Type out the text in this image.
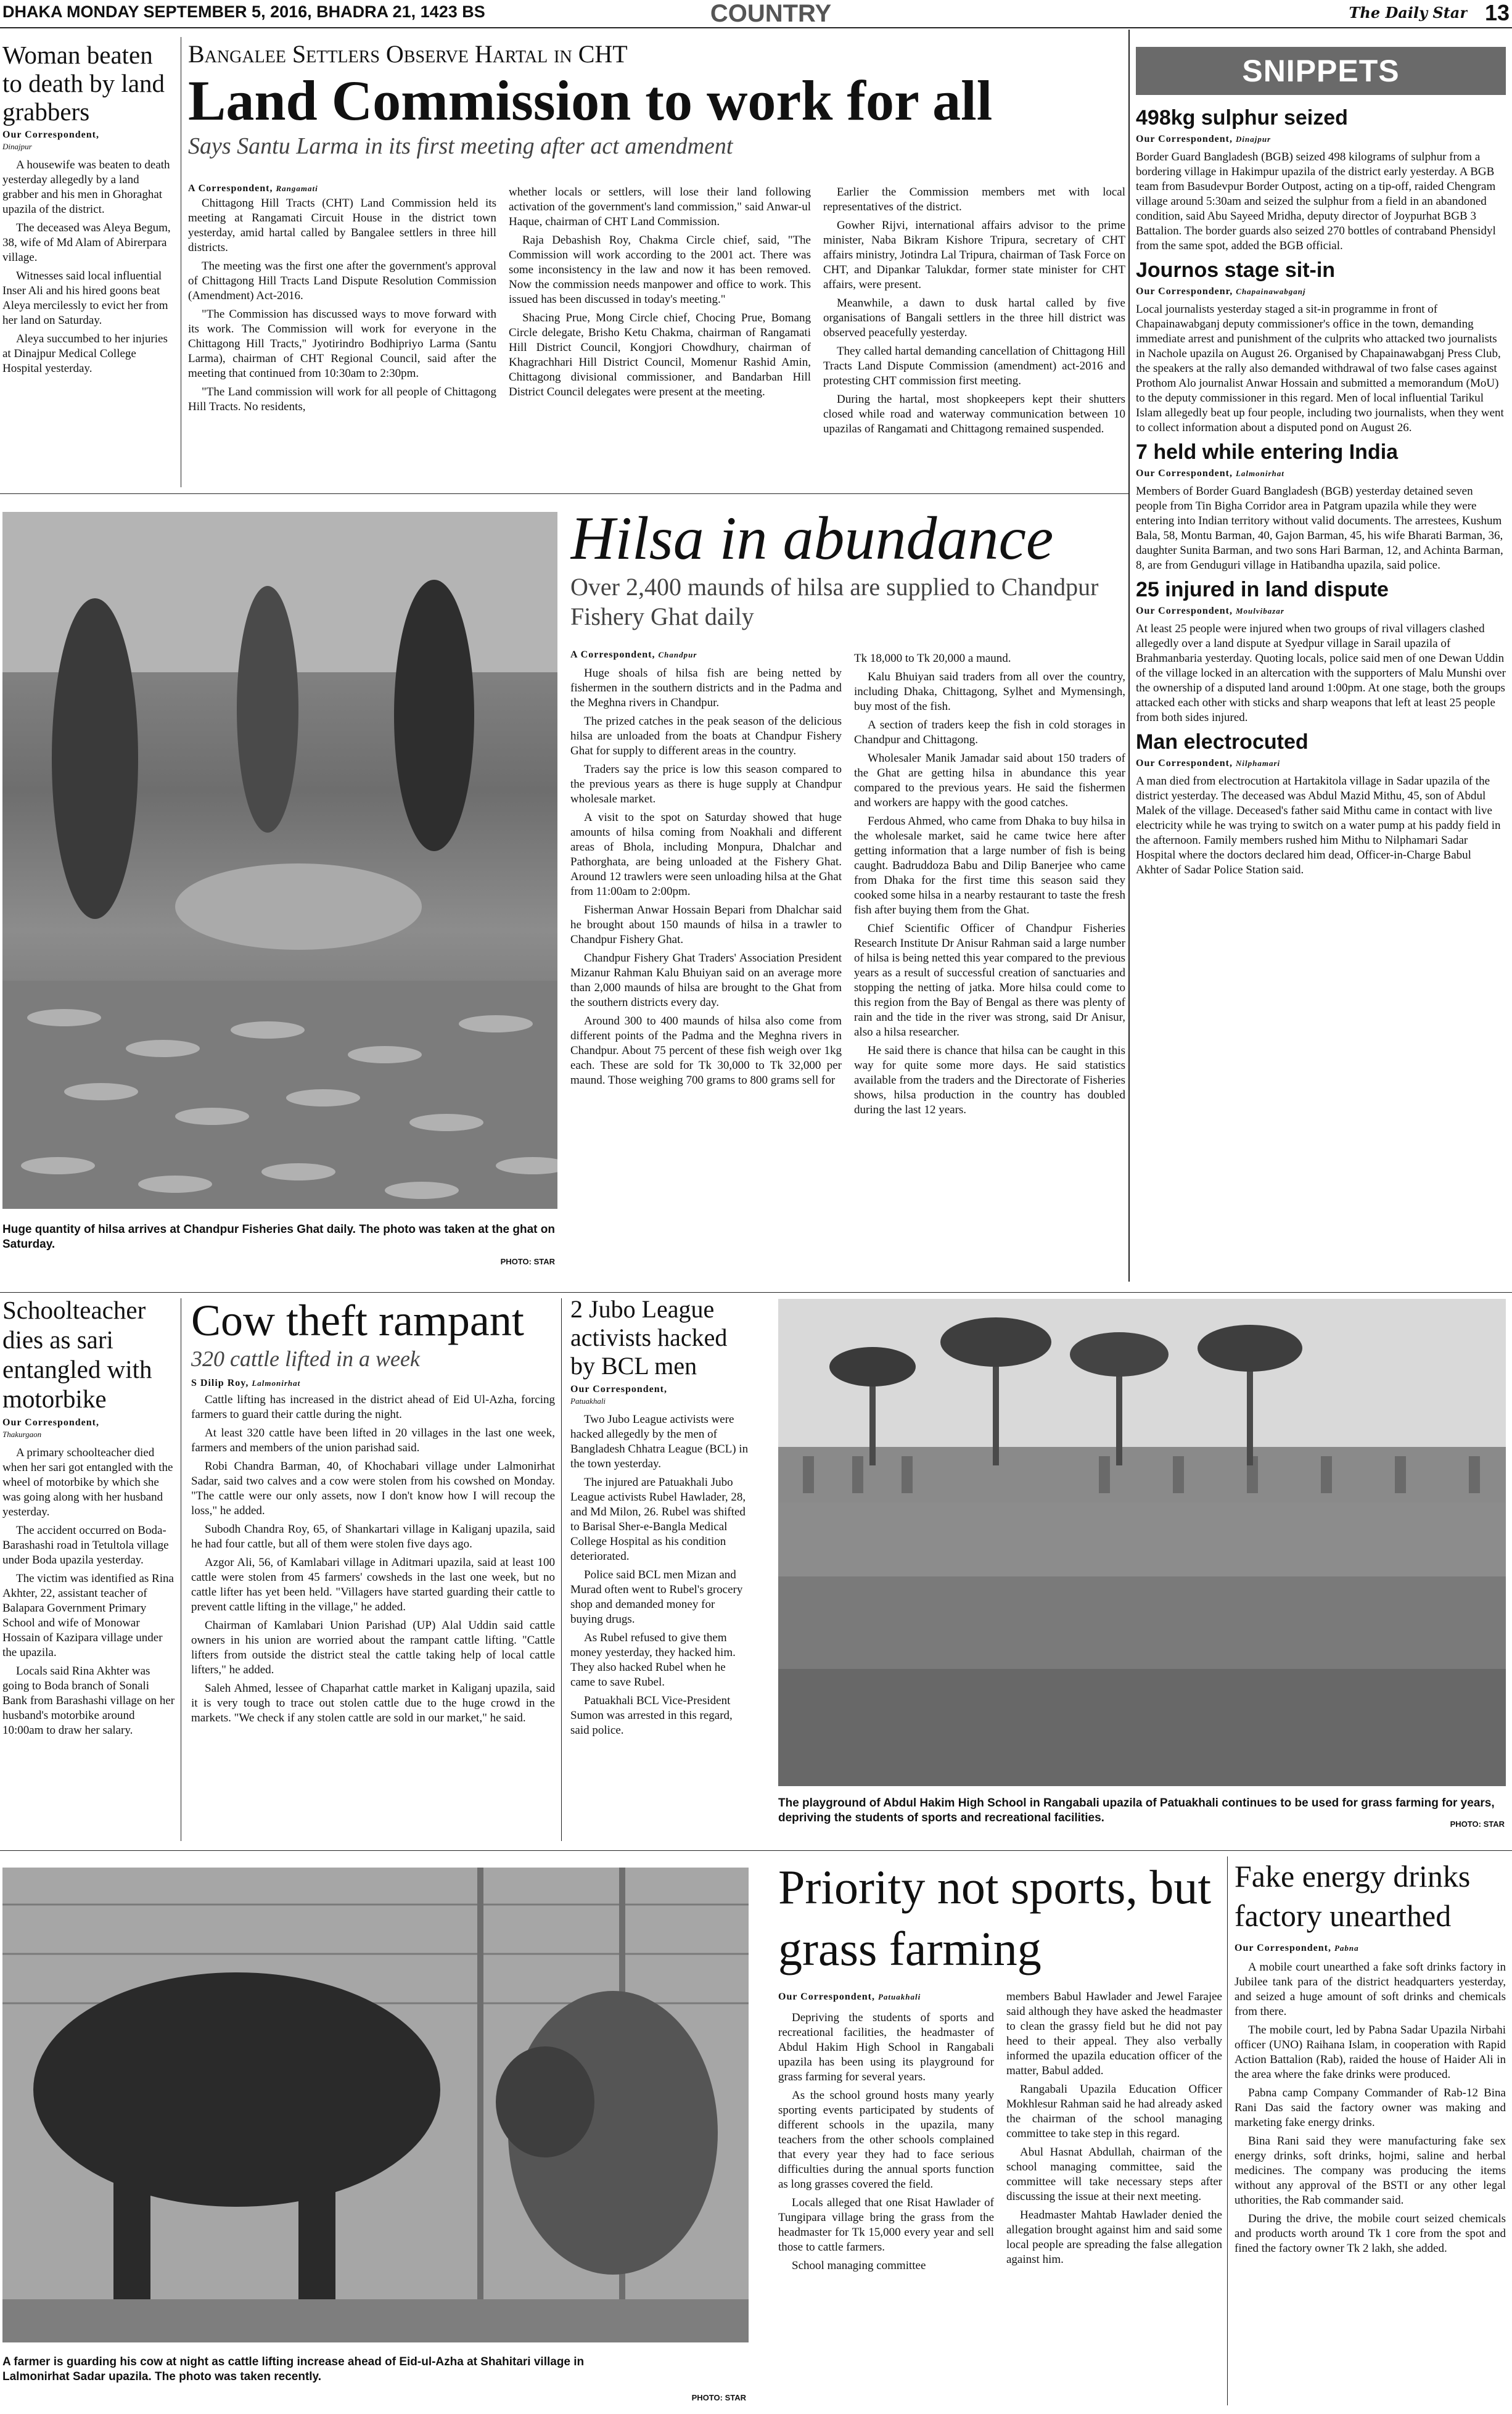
DHAKA MONDAY SEPTEMBER 5, 2016, BHADRA 21, 1423 BS	COUNTRY	The Daily Star 13
Woman beaten to death by land grabbers
Our Correspondent,
Dinajpur

A housewife was beaten to death yesterday allegedly by a land grabber and his men in Ghoraghat upazila of the district.

The deceased was Aleya Begum, 38, wife of Md Alam of Abirerpara village.

Witnesses said local influential Inser Ali and his hired goons beat Aleya mercilessly to evict her from her land on Saturday.

Aleya succumbed to her injuries at Dinajpur Medical College Hospital yesterday.

Bangalee Settlers Observe Hartal in CHT
Land Commission to work for all
Says Santu Larma in its first meeting after act amendment
A Correspondent, Rangamati

Chittagong Hill Tracts (CHT) Land Commission held its meeting at Rangamati Circuit House in the district town yesterday, amid hartal called by Bangalee settlers in three hill districts.

The meeting was the first one after the government's approval of Chittagong Hill Tracts Land Dispute Resolution Commission (Amendment) Act-2016.

"The Commission has discussed ways to move forward with its work. The Commission will work for everyone in the Chittagong Hill Tracts," Jyotirindro Bodhipriyo Larma (Santu Larma), chairman of CHT Regional Council, said after the meeting that continued from 10:30am to 2:30pm.

"The Land commission will work for all people of Chittagong Hill Tracts. No residents,

whether locals or settlers, will lose their land following activation of the government's land commission," said Anwar-ul Haque, chairman of CHT Land Commission.

Raja Debashish Roy, Chakma Circle chief, said, "The Commission will work according to the 2001 act. There was some inconsistency in the law and now it has been removed. Now the commission needs manpower and office to work. This issued has been discussed in today's meeting."

Shacing Prue, Mong Circle chief, Chocing Prue, Bomang Circle delegate, Brisho Ketu Chakma, chairman of Rangamati Hill District Council, Kongjori Chowdhury, chairman of Khagrachhari Hill District Council, Momenur Rashid Amin, Chittagong divisional commissioner, and Bandarban Hill District Council delegates were present at the meeting.

Earlier the Commission members met with local representatives of the district.

Gowher Rijvi, international affairs advisor to the prime minister, Naba Bikram Kishore Tripura, secretary of CHT affairs ministry, Jotindra Lal Tripura, chairman of Task Force on CHT, and Dipankar Talukdar, former state minister for CHT affairs, were present.

Meanwhile, a dawn to dusk hartal called by five organisations of Bangali settlers in the three hill district was observed peacefully yesterday.

They called hartal demanding cancellation of Chittagong Hill Tracts Land Dispute Commission (amendment) act-2016 and protesting CHT commission first meeting.

During the hartal, most shopkeepers kept their shutters closed while road and waterway communication between 10 upazilas of Rangamati and Chittagong remained suspended.

Huge quantity of hilsa arrives at Chandpur Fisheries Ghat daily. The photo was taken at the ghat on Saturday.
PHOTO: STAR
Hilsa in abundance
Over 2,400 maunds of hilsa are supplied to Chandpur Fishery Ghat daily
A Correspondent, Chandpur

Huge shoals of hilsa fish are being netted by fishermen in the southern districts and in the Padma and the Meghna rivers in Chandpur.

The prized catches in the peak season of the delicious hilsa are unloaded from the boats at Chandpur Fishery Ghat for supply to different areas in the country.

Traders say the price is low this season compared to the previous years as there is huge supply at Chandpur wholesale market.

A visit to the spot on Saturday showed that huge amounts of hilsa coming from Noakhali and different areas of Bhola, including Monpura, Dhalchar and Pathorghata, are being unloaded at the Fishery Ghat. Around 12 trawlers were seen unloading hilsa at the Ghat from 11:00am to 2:00pm.

Fisherman Anwar Hossain Bepari from Dhalchar said he brought about 150 maunds of hilsa in a trawler to Chandpur Fishery Ghat.

Chandpur Fishery Ghat Traders' Association President Mizanur Rahman Kalu Bhuiyan said on an average more than 2,000 maunds of hilsa are brought to the Ghat from the southern districts every day.

Around 300 to 400 maunds of hilsa also come from different points of the Padma and the Meghna rivers in Chandpur. About 75 percent of these fish weigh over 1kg each. These are sold for Tk 30,000 to Tk 32,000 per maund. Those weighing 700 grams to 800 grams sell for

Tk 18,000 to Tk 20,000 a maund.

Kalu Bhuiyan said traders from all over the country, including Dhaka, Chittagong, Sylhet and Mymensingh, buy most of the fish.

A section of traders keep the fish in cold storages in Chandpur and Chittagong.

Wholesaler Manik Jamadar said about 150 traders of the Ghat are getting hilsa in abundance this year compared to the previous years. He said the fishermen and workers are happy with the good catches.

Ferdous Ahmed, who came from Dhaka to buy hilsa in the wholesale market, said he came twice here after getting information that a large number of fish is being caught. Badruddoza Babu and Dilip Banerjee who came from Dhaka for the first time this season said they cooked some hilsa in a nearby restaurant to taste the fresh fish after buying them from the Ghat.

Chief Scientific Officer of Chandpur Fisheries Research Institute Dr Anisur Rahman said a large number of hilsa is being netted this year compared to the previous years as a result of successful creation of sanctuaries and stopping the netting of jatka. More hilsa could come to this region from the Bay of Bengal as there was plenty of rain and the tide in the river was strong, said Dr Anisur, also a hilsa researcher.

He said there is chance that hilsa can be caught in this way for quite some more days. He said statistics available from the traders and the Directorate of Fisheries shows, hilsa production in the country has doubled during the last 12 years.

SNIPPETS
498kg sulphur seized
Our Correspondent, Dinajpur
Border Guard Bangladesh (BGB) seized 498 kilograms of sulphur from a bordering village in Hakimpur upazila of the district early yesterday. A BGB team from Basudevpur Border Outpost, acting on a tip-off, raided Chengram village around 5:30am and seized the sulphur from a field in an abandoned condition, said Abu Sayeed Mridha, deputy director of Joypurhat BGB 3 Battalion. The border guards also seized 270 bottles of contraband Phensidyl from the same spot, added the BGB official.
Journos stage sit-in
Our Correspondenr, Chapainawabganj
Local journalists yesterday staged a sit-in programme in front of Chapainawabganj deputy commissioner's office in the town, demanding immediate arrest and punishment of the culprits who attacked two journalists in Nachole upazila on August 26. Organised by Chapainawabganj Press Club, the speakers at the rally also demanded withdrawal of two false cases against Prothom Alo journalist Anwar Hossain and submitted a memorandum (MoU) to the deputy commissioner in this regard. Men of local influential Tarikul Islam allegedly beat up four people, including two journalists, when they went to collect information about a disputed pond on August 26.
7 held while entering India
Our Correspondent, Lalmonirhat
Members of Border Guard Bangladesh (BGB) yesterday detained seven people from Tin Bigha Corridor area in Patgram upazila while they were entering into Indian territory without valid documents. The arrestees, Kushum Bala, 58, Montu Barman, 40, Gajon Barman, 45, his wife Bharati Barman, 36, daughter Sunita Barman, and two sons Hari Barman, 12, and Achinta Barman, 8, are from Genduguri village in Hatibandha upazila, said police.
25 injured in land dispute
Our Correspondent, Moulvibazar
At least 25 people were injured when two groups of rival villagers clashed allegedly over a land dispute at Syedpur village in Sarail upazila of Brahmanbaria yesterday. Quoting locals, police said men of one Dewan Uddin of the village locked in an altercation with the supporters of Malu Munshi over the ownership of a disputed land around 1:00pm. At one stage, both the groups attacked each other with sticks and sharp weapons that left at least 25 people from both sides injured.
Man electrocuted
Our Correspondent, Nilphamari
A man died from electrocution at Hartakitola village in Sadar upazila of the district yesterday. The deceased was Abdul Mazid Mithu, 45, son of Abdul Malek of the village. Deceased's father said Mithu came in contact with live electricity while he was trying to switch on a water pump at his paddy field in the afternoon. Family members rushed him Mithu to Nilphamari Sadar Hospital where the doctors declared him dead, Officer-in-Charge Babul Akhter of Sadar Police Station said.
Schoolteacher dies as sari entangled with motorbike
Our Correspondent,
Thakurgaon

A primary schoolteacher died when her sari got entangled with the wheel of motorbike by which she was going along with her husband yesterday.

The accident occurred on Boda-Barashashi road in Tetultola village under Boda upazila yesterday.

The victim was identified as Rina Akhter, 22, assistant teacher of Balapara Government Primary School and wife of Monowar Hossain of Kazipara village under the upazila.

Locals said Rina Akhter was going to Boda branch of Sonali Bank from Barashashi village on her husband's motorbike around 10:00am to draw her salary.

Cow theft rampant
320 cattle lifted in a week
S Dilip Roy, Lalmonirhat

Cattle lifting has increased in the district ahead of Eid Ul-Azha, forcing farmers to guard their cattle during the night.

At least 320 cattle have been lifted in 20 villages in the last one week, farmers and members of the union parishad said.

Robi Chandra Barman, 40, of Khochabari village under Lalmonirhat Sadar, said two calves and a cow were stolen from his cowshed on Monday. "The cattle were our only assets, now I don't know how I will recoup the loss," he added.

Subodh Chandra Roy, 65, of Shankartari village in Kaliganj upazila, said he had four cattle, but all of them were stolen five days ago.

Azgor Ali, 56, of Kamlabari village in Aditmari upazila, said at least 100 cattle were stolen from 45 farmers' cowsheds in the last one week, but no cattle lifter has yet been held. "Villagers have started guarding their cattle to prevent cattle lifting in the village," he added.

Chairman of Kamlabari Union Parishad (UP) Alal Uddin said cattle owners in his union are worried about the rampant cattle lifting. "Cattle lifters from outside the district steal the cattle taking help of local cattle lifters," he added.

Saleh Ahmed, lessee of Chaparhat cattle market in Kaliganj upazila, said it is very tough to trace out stolen cattle due to the huge crowd in the markets. "We check if any stolen cattle are sold in our market," he said.

2 Jubo League activists hacked by BCL men
Our Correspondent,
Patuakhali

Two Jubo League activists were hacked allegedly by the men of Bangladesh Chhatra League (BCL) in the town yesterday.

The injured are Patuakhali Jubo League activists Rubel Hawlader, 28, and Md Milon, 26. Rubel was shifted to Barisal Sher-e-Bangla Medical College Hospital as his condition deteriorated.

Police said BCL men Mizan and Murad often went to Rubel's grocery shop and demanded money for buying drugs.

As Rubel refused to give them money yesterday, they hacked him. They also hacked Rubel when he came to save Rubel.

Patuakhali BCL Vice-President Sumon was arrested in this regard, said police.

The playground of Abdul Hakim High School in Rangabali upazila of Patuakhali continues to be used for grass farming for years, depriving the students of sports and recreational facilities.	PHOTO: STAR
A farmer is guarding his cow at night as cattle lifting increase ahead of Eid-ul-Azha at Shahitari village in Lalmonirhat Sadar upazila. The photo was taken recently.
PHOTO: STAR
Priority not sports, but grass farming
Our Correspondent, Patuakhali

Depriving the students of sports and recreational facilities, the headmaster of Abdul Hakim High School in Rangabali upazila has been using its playground for grass farming for several years.

As the school ground hosts many yearly sporting events participated by students of different schools in the upazila, many teachers from the other schools complained that every year they had to face serious difficulties during the annual sports function as long grasses covered the field.

Locals alleged that one Risat Hawlader of Tungipara village bring the grass from the headmaster for Tk 15,000 every year and sell those to cattle farmers.

School managing committee

members Babul Hawlader and Jewel Farajee said although they have asked the headmaster to clean the grassy field but he did not pay heed to their appeal. They also verbally informed the upazila education officer of the matter, Babul added.

Rangabali Upazila Education Officer Mokhlesur Rahman said he had already asked the chairman of the school managing committee to take step in this regard.

Abul Hasnat Abdullah, chairman of the school managing committee, said the committee will take necessary steps after discussing the issue at their next meeting.

Headmaster Mahtab Hawlader denied the allegation brought against him and said some local people are spreading the false allegation against him.

Fake energy drinks factory unearthed
Our Correspondent, Pabna

A mobile court unearthed a fake soft drinks factory in Jubilee tank para of the district headquarters yesterday, and seized a huge amount of soft drinks and chemicals from there.

The mobile court, led by Pabna Sadar Upazila Nirbahi officer (UNO) Raihana Islam, in cooperation with Rapid Action Battalion (Rab), raided the house of Haider Ali in the area where the fake drinks were produced.

Pabna camp Company Commander of Rab-12 Bina Rani Das said the factory owner was making and marketing fake energy drinks.

Bina Rani said they were manufacturing fake sex energy drinks, soft drinks, hojmi, saline and herbal medicines. The company was producing the items without any approval of the BSTI or any other legal uthorities, the Rab commander said.

During the drive, the mobile court seized chemicals and products worth around Tk 1 core from the spot and fined the factory owner Tk 2 lakh, she added.
